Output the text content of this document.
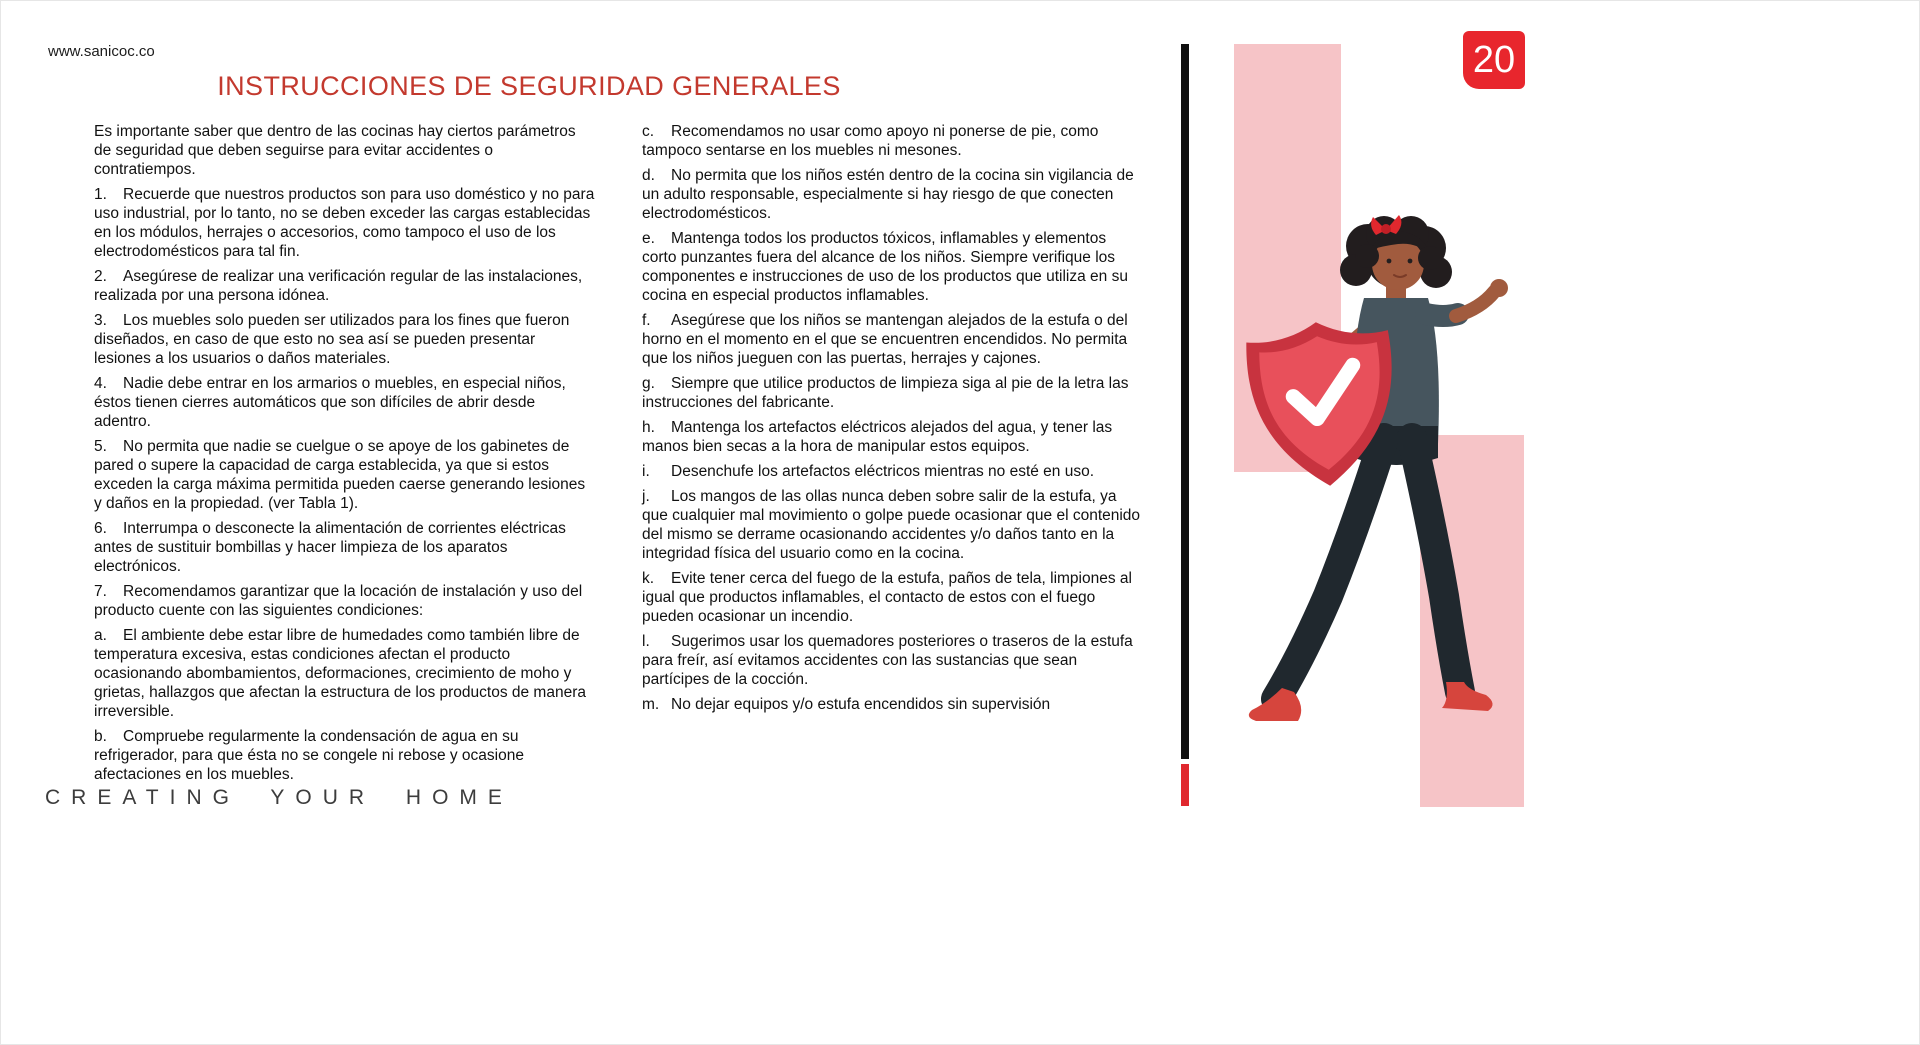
www.sanicoc.co
INSTRUCCIONES DE SEGURIDAD GENERALES

Es importante saber que dentro de las cocinas hay ciertos parámetros de seguridad que deben seguirse para evitar accidentes o contratiempos.

1. Recuerde que nuestros productos son para uso doméstico y no para uso industrial, por lo tanto, no se deben exceder las cargas establecidas en los módulos, herrajes o accesorios, como tampoco el uso de los electrodomésticos para tal fin.

2. Asegúrese de realizar una verificación regular de las instalaciones, realizada por una persona idónea.

3. Los muebles solo pueden ser utilizados para los fines que fueron diseñados, en caso de que esto no sea así se pueden presentar lesiones a los usuarios o daños materiales.

4. Nadie debe entrar en los armarios o muebles, en especial niños, éstos tienen cierres automáticos que son difíciles de abrir desde adentro.

5. No permita que nadie se cuelgue o se apoye de los gabinetes de pared o supere la capacidad de carga establecida, ya que si estos exceden la carga máxima permitida pueden caerse generando lesiones y daños en la propiedad. (ver Tabla 1).

6. Interrumpa o desconecte la alimentación de corrientes eléctricas antes de sustituir bombillas y hacer limpieza de los aparatos electrónicos.

7. Recomendamos garantizar que la locación de instalación y uso del producto cuente con las siguientes condiciones:

a. El ambiente debe estar libre de humedades como también libre de temperatura excesiva, estas condiciones afectan el producto ocasionando abombamientos, deformaciones, crecimiento de moho y grietas, hallazgos que afectan la estructura de los productos de manera irreversible.

b. Compruebe regularmente la condensación de agua en su refrigerador, para que ésta no se congele ni rebose y ocasione afectaciones en los muebles.

c. Recomendamos no usar como apoyo ni ponerse de pie, como tampoco sentarse en los muebles ni mesones.

d. No permita que los niños estén dentro de la cocina sin vigilancia de un adulto responsable, especialmente si hay riesgo de que conecten electrodomésticos.

e. Mantenga todos los productos tóxicos, inflamables y elementos corto punzantes fuera del alcance de los niños. Siempre verifique los componentes e instrucciones de uso de los productos que utiliza en su cocina en especial productos inflamables.

f. Asegúrese que los niños se mantengan alejados de la estufa o del horno en el momento en el que se encuentren encendidos. No permita que los niños jueguen con las puertas, herrajes y cajones.

g. Siempre que utilice productos de limpieza siga al pie de la letra las instrucciones del fabricante.

h. Mantenga los artefactos eléctricos alejados del agua, y tener las manos bien secas a la hora de manipular estos equipos.

i. Desenchufe los artefactos eléctricos mientras no esté en uso.

j. Los mangos de las ollas nunca deben sobre salir de la estufa, ya que cualquier mal movimiento o golpe puede ocasionar que el contenido del mismo se derrame ocasionando accidentes y/o daños tanto en la integridad física del usuario como en la cocina.

k. Evite tener cerca del fuego de la estufa, paños de tela, limpiones al igual que productos inflamables, el contacto de estos con el fuego pueden ocasionar un incendio.

l. Sugerimos usar los quemadores posteriores o traseros de la estufa para freír, así evitamos accidentes con las sustancias que sean partícipes de la cocción.

m. No dejar equipos y/o estufa encendidos sin supervisión

CREATING YOUR HOME
20
